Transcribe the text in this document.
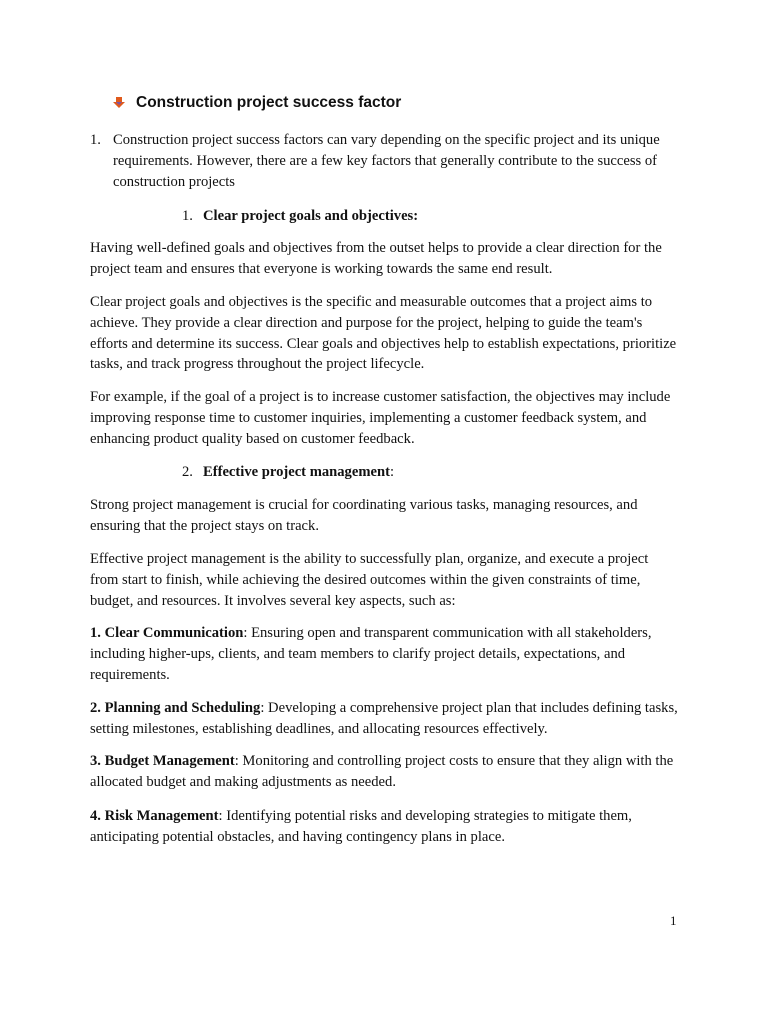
Construction project success factor
1. Construction project success factors can vary depending on the specific project and its unique requirements. However, there are a few key factors that generally contribute to the success of construction projects
1. Clear project goals and objectives:

Having well-defined goals and objectives from the outset helps to provide a clear direction for the project team and ensures that everyone is working towards the same end result.

Clear project goals and objectives is the specific and measurable outcomes that a project aims to achieve. They provide a clear direction and purpose for the project, helping to guide the team's efforts and determine its success. Clear goals and objectives help to establish expectations, prioritize tasks, and track progress throughout the project lifecycle.

For example, if the goal of a project is to increase customer satisfaction, the objectives may include improving response time to customer inquiries, implementing a customer feedback system, and enhancing product quality based on customer feedback.

2. Effective project management:

Strong project management is crucial for coordinating various tasks, managing resources, and ensuring that the project stays on track.

Effective project management is the ability to successfully plan, organize, and execute a project from start to finish, while achieving the desired outcomes within the given constraints of time, budget, and resources. It involves several key aspects, such as:

1. Clear Communication: Ensuring open and transparent communication with all stakeholders, including higher-ups, clients, and team members to clarify project details, expectations, and requirements.

2. Planning and Scheduling: Developing a comprehensive project plan that includes defining tasks, setting milestones, establishing deadlines, and allocating resources effectively.

3. Budget Management: Monitoring and controlling project costs to ensure that they align with the allocated budget and making adjustments as needed.

4. Risk Management: Identifying potential risks and developing strategies to mitigate them, anticipating potential obstacles, and having contingency plans in place.

1
